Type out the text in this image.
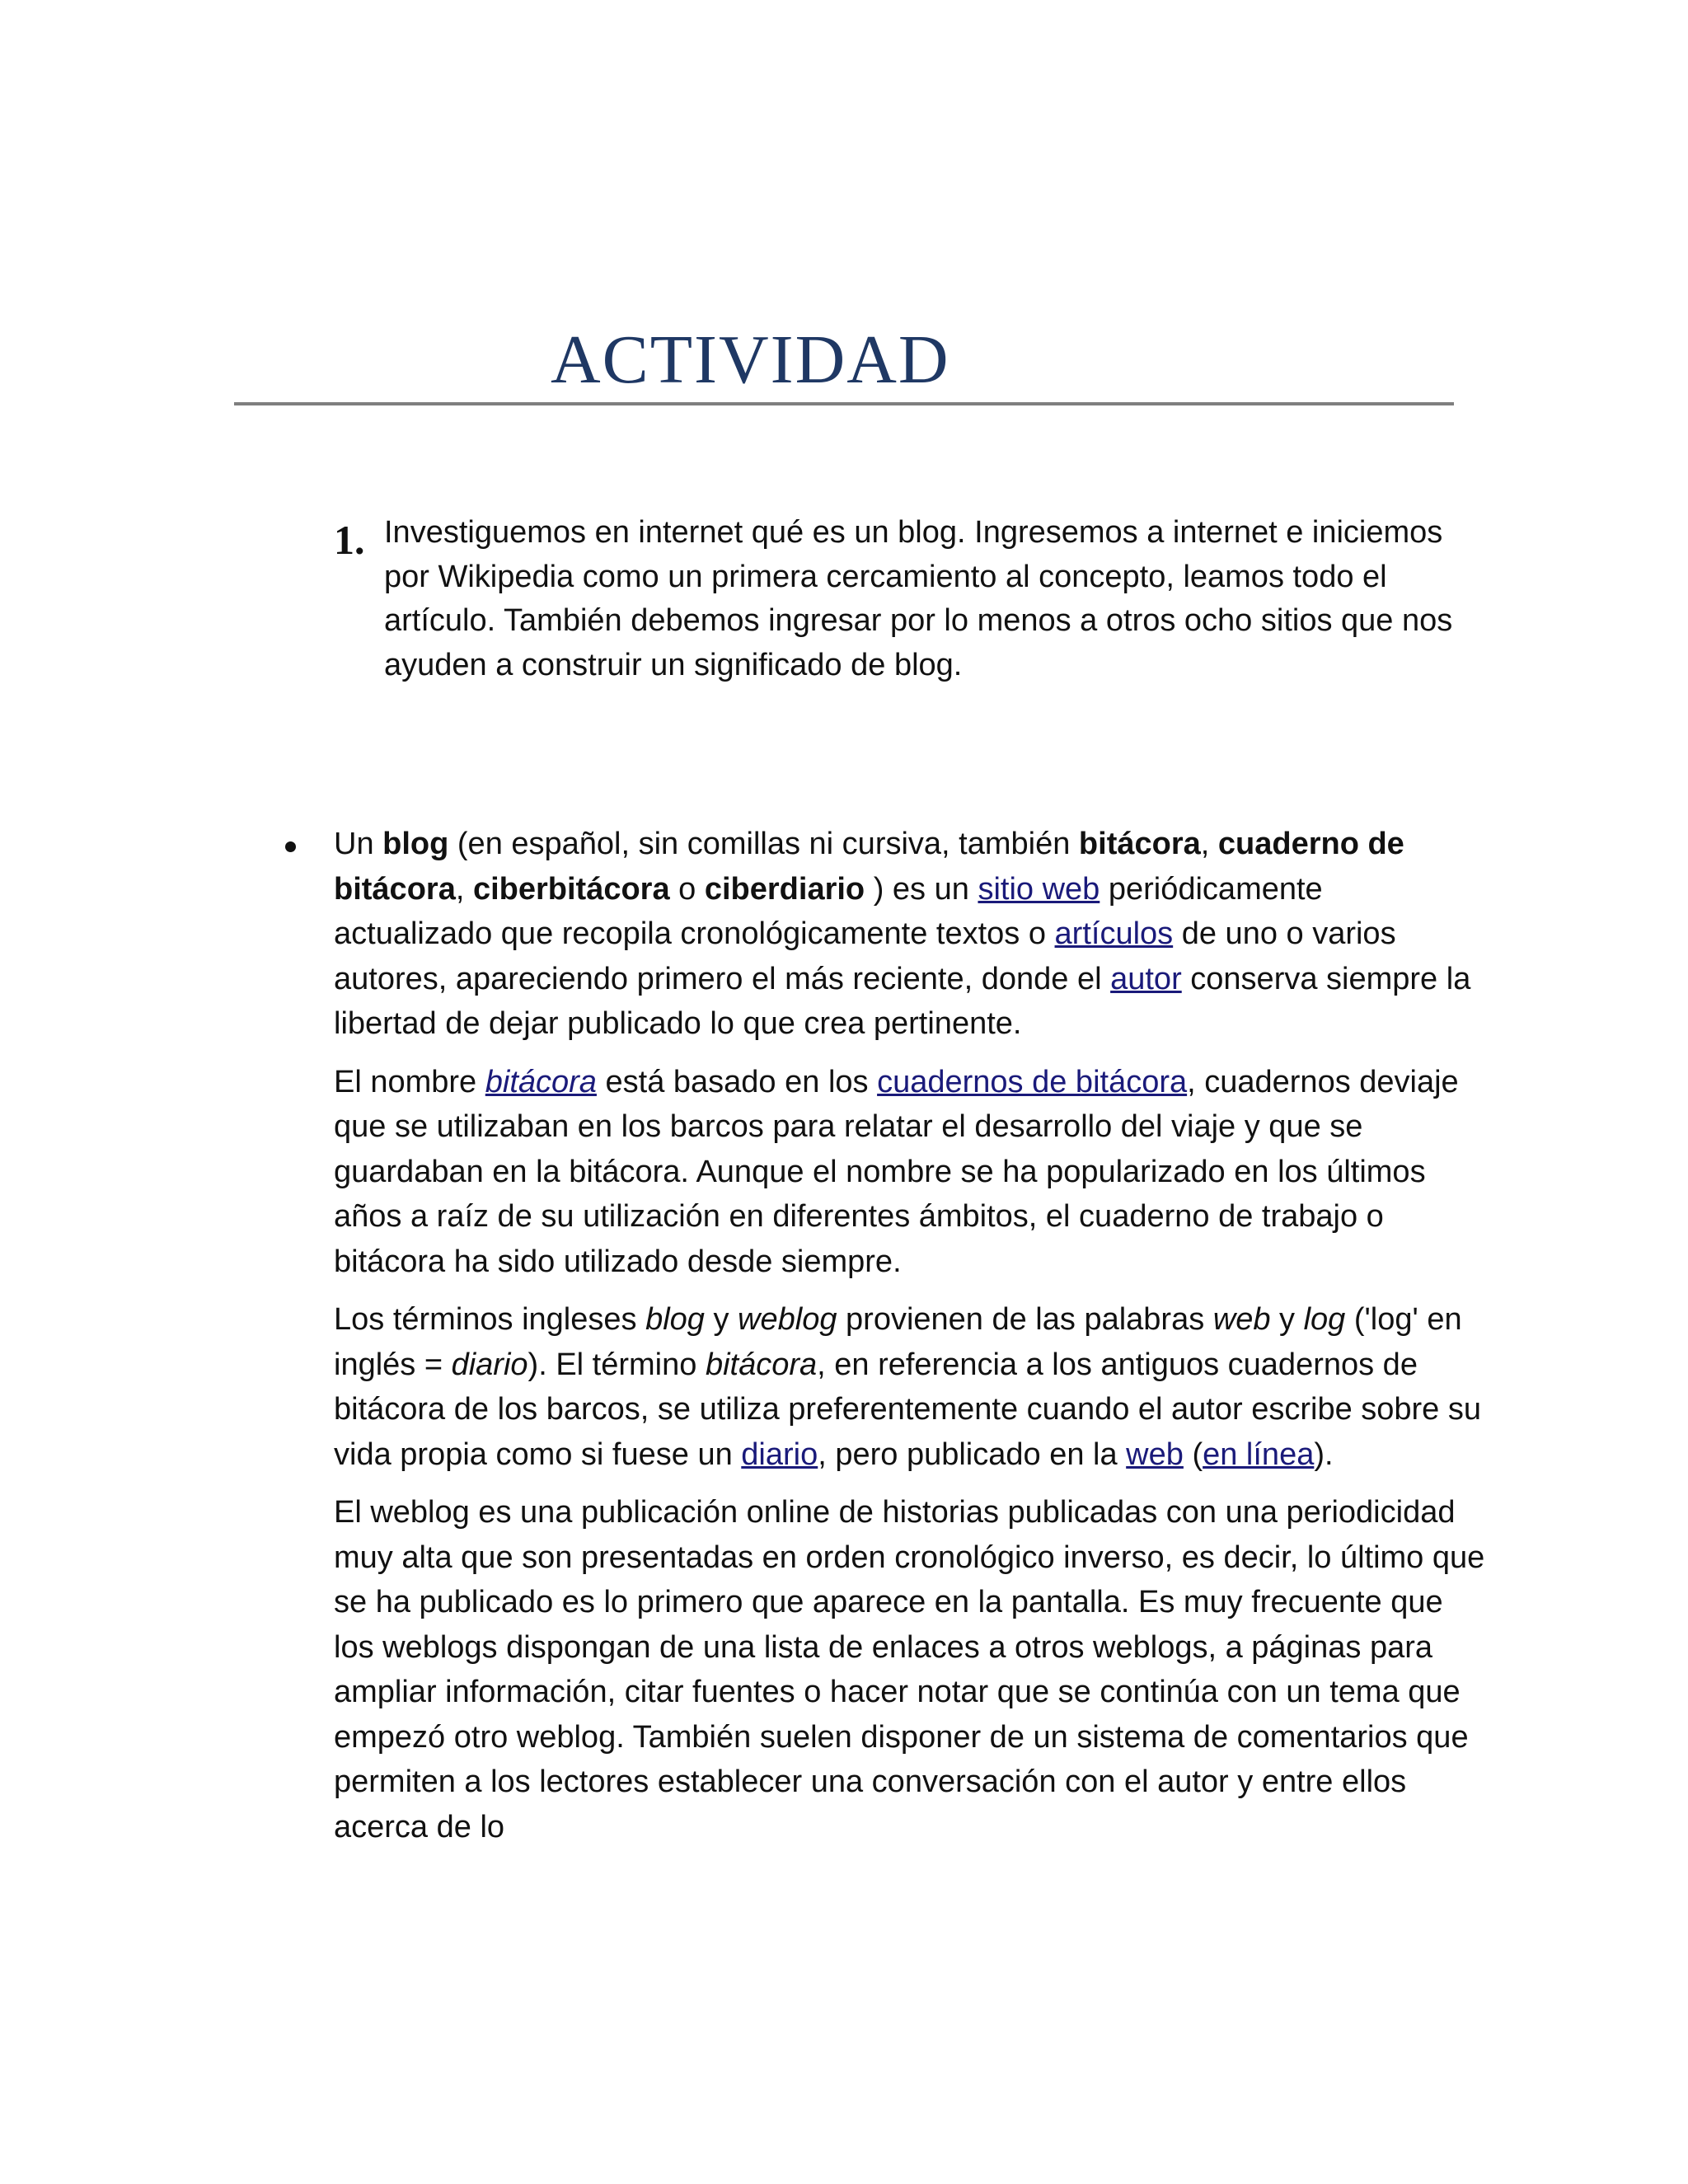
ACTIVIDAD
1. Investiguemos en internet qué es un blog. Ingresemos a internet e iniciemos por Wikipedia como un primera cercamiento al concepto, leamos todo el artículo. También debemos ingresar por lo menos a otros ocho sitios que nos ayuden a construir un significado de blog.

Un blog (en español, sin comillas ni cursiva, también bitácora, cuaderno de bitácora, ciberbitácora o ciberdiario ) es un sitio web periódicamente actualizado que recopila cronológicamente textos o artículos de uno o varios autores, apareciendo primero el más reciente, donde el autor conserva siempre la libertad de dejar publicado lo que crea pertinente.

El nombre bitácora está basado en los cuadernos de bitácora, cuadernos deviaje que se utilizaban en los barcos para relatar el desarrollo del viaje y que se guardaban en la bitácora. Aunque el nombre se ha popularizado en los últimos años a raíz de su utilización en diferentes ámbitos, el cuaderno de trabajo o bitácora ha sido utilizado desde siempre.

Los términos ingleses blog y weblog provienen de las palabras web y log ('log' en inglés = diario). El término bitácora, en referencia a los antiguos cuadernos de bitácora de los barcos, se utiliza preferentemente cuando el autor escribe sobre su vida propia como si fuese un diario, pero publicado en la web (en línea).

El weblog es una publicación online de historias publicadas con una periodicidad muy alta que son presentadas en orden cronológico inverso, es decir, lo último que se ha publicado es lo primero que aparece en la pantalla. Es muy frecuente que los weblogs dispongan de una lista de enlaces a otros weblogs, a páginas para ampliar información, citar fuentes o hacer notar que se continúa con un tema que empezó otro weblog. También suelen disponer de un sistema de comentarios que permiten a los lectores establecer una conversación con el autor y entre ellos acerca de lo
